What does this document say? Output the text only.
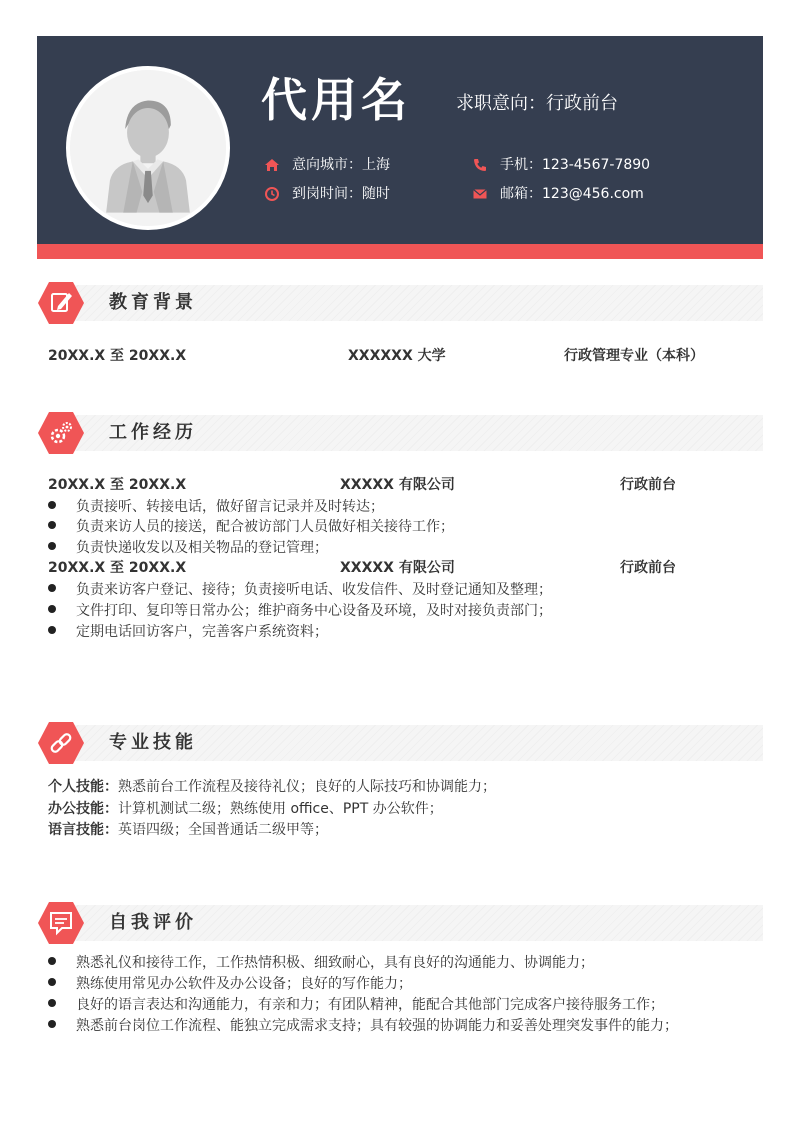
代用名	求职意向：行政前台
意向城市：上海
到岗时间：随时
手机：123-4567-7890
邮箱：123@456.com
教育背景
20XX.X 至 20XX.X	XXXXXX 大学	行政管理专业（本科）
工作经历
20XX.X 至 20XX.X	XXXXX 有限公司	行政前台
负责接听、转接电话，做好留言记录并及时转达；
负责来访人员的接送，配合被访部门人员做好相关接待工作；
负责快递收发以及相关物品的登记管理；
20XX.X 至 20XX.X	XXXXX 有限公司	行政前台
负责来访客户登记、接待；负责接听电话、收发信件、及时登记通知及整理；
文件打印、复印等日常办公；维护商务中心设备及环境，及时对接负责部门；
定期电话回访客户，完善客户系统资料；
专业技能
个人技能：熟悉前台工作流程及接待礼仪；良好的人际技巧和协调能力；
办公技能：计算机测试二级；熟练使用 office、PPT 办公软件；
语言技能：英语四级；全国普通话二级甲等；
自我评价
熟悉礼仪和接待工作，工作热情积极、细致耐心，具有良好的沟通能力、协调能力；
熟练使用常见办公软件及办公设备；良好的写作能力；
良好的语言表达和沟通能力，有亲和力；有团队精神，能配合其他部门完成客户接待服务工作；
熟悉前台岗位工作流程、能独立完成需求支持；具有较强的协调能力和妥善处理突发事件的能力；
